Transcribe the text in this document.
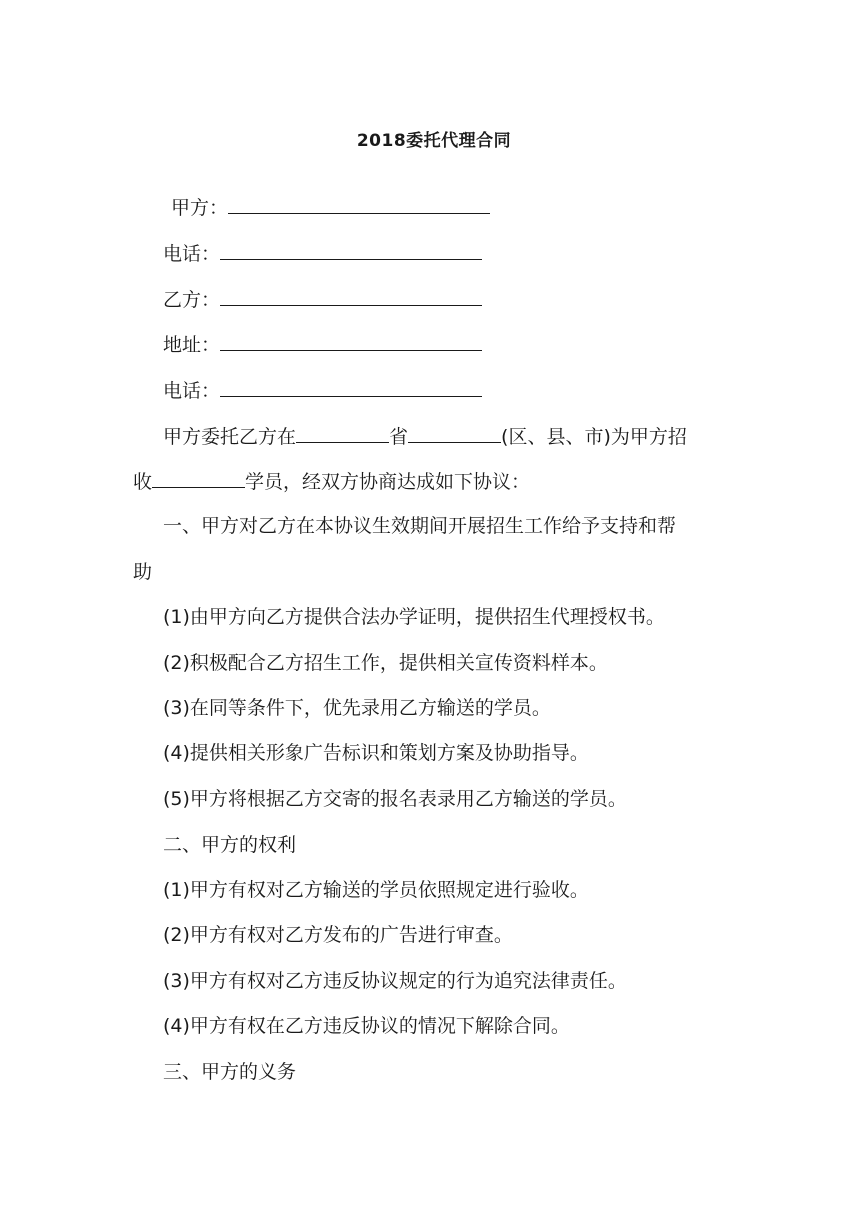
2018委托代理合同
甲方：
电话：
乙方：
地址：
电话：
甲方委托乙方在	省	(区、县、市)为甲方招
收	学员，经双方协商达成如下协议：
一、甲方对乙方在本协议生效期间开展招生工作给予支持和帮
助
(1)由甲方向乙方提供合法办学证明，提供招生代理授权书。
(2)积极配合乙方招生工作，提供相关宣传资料样本。
(3)在同等条件下，优先录用乙方输送的学员。
(4)提供相关形象广告标识和策划方案及协助指导。
(5)甲方将根据乙方交寄的报名表录用乙方输送的学员。
二、甲方的权利
(1)甲方有权对乙方输送的学员依照规定进行验收。
(2)甲方有权对乙方发布的广告进行审查。
(3)甲方有权对乙方违反协议规定的行为追究法律责任。
(4)甲方有权在乙方违反协议的情况下解除合同。
三、甲方的义务
